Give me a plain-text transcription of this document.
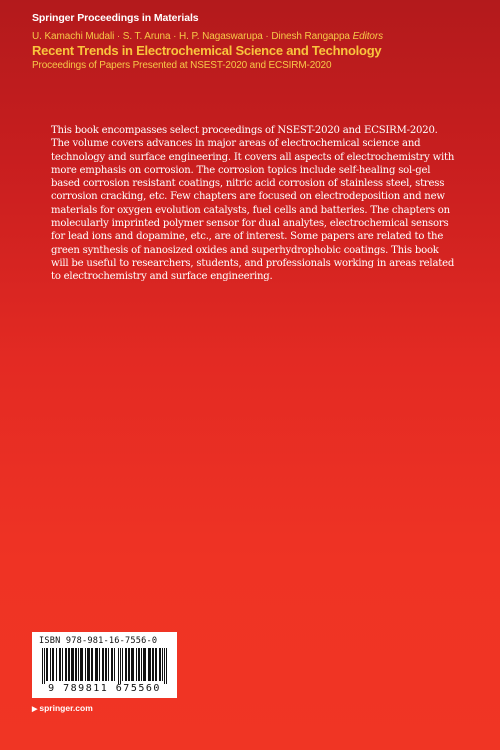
Springer Proceedings in Materials
U. Kamachi Mudali · S. T. Aruna · H. P. Nagaswarupa · Dinesh Rangappa Editors
Recent Trends in Electrochemical Science and Technology
Proceedings of Papers Presented at NSEST-2020 and ECSIRM-2020

This book encompasses select proceedings of NSEST-2020 and ECSIRM-2020. The volume covers advances in major areas of electrochemical science and technology and surface engineering. It covers all aspects of electrochemistry with more emphasis on corrosion. The corrosion topics include self-healing sol-gel based corrosion resistant coatings, nitric acid corrosion of stainless steel, stress corrosion cracking, etc. Few chapters are focused on electrodeposition and new materials for oxygen evolution catalysts, fuel cells and batteries. The chapters on molecularly imprinted polymer sensor for dual analytes, electrochemical sensors for lead ions and dopamine, etc., are of interest. Some papers are related to the green synthesis of nanosized oxides and superhydrophobic coatings. This book will be useful to researchers, students, and professionals working in areas related to electrochemistry and surface engineering.

ISBN 978-981-16-7556-0
9 789811 675560
▶ springer.com
